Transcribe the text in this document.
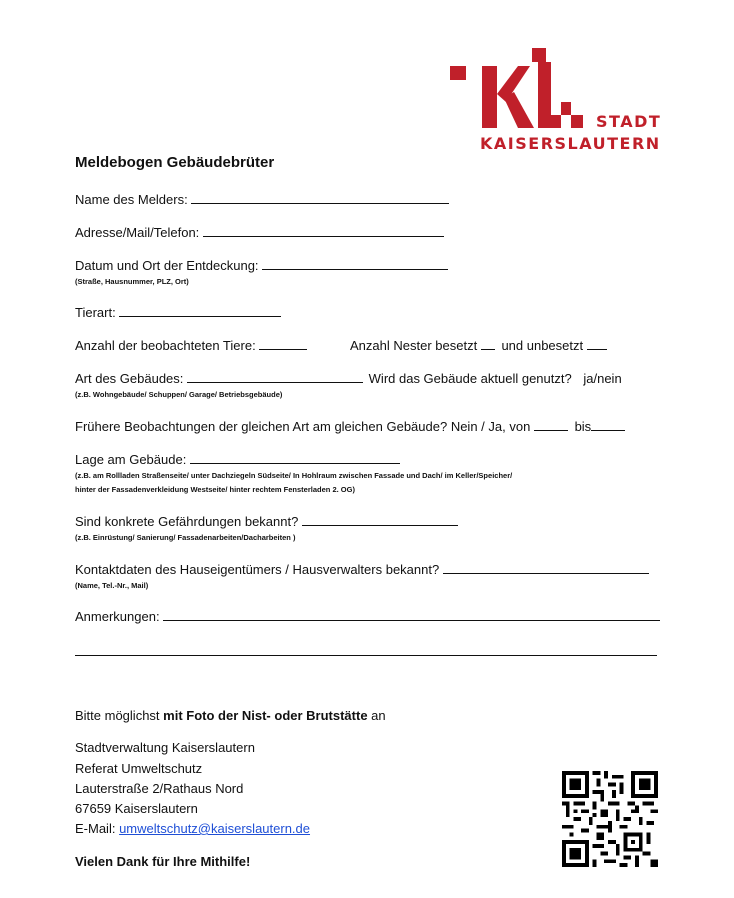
STADT
KAISERSLAUTERN
Meldebogen Gebäudebrüter
Name des Melders:
Adresse/Mail/Telefon:
Datum und Ort der Entdeckung:
(Straße, Hausnummer, PLZ, Ort)
Tierart:
Anzahl der beobachteten Tiere:	Anzahl Nester besetzt und unbesetzt
Art des Gebäudes:	Wird das Gebäude aktuell genutzt? ja/nein
(z.B. Wohngebäude/ Schuppen/ Garage/ Betriebsgebäude)
Frühere Beobachtungen der gleichen Art am gleichen Gebäude? Nein / Ja, von	bis
Lage am Gebäude:
(z.B. am Rollladen Straßenseite/ unter Dachziegeln Südseite/ In Hohlraum zwischen Fassade und Dach/ im Keller/Speicher/
hinter der Fassadenverkleidung Westseite/ hinter rechtem Fensterladen 2. OG)
Sind konkrete Gefährdungen bekannt?
(z.B. Einrüstung/ Sanierung/ Fassadenarbeiten/Dacharbeiten )
Kontaktdaten des Hauseigentümers / Hausverwalters bekannt?
(Name, Tel.-Nr., Mail)
Anmerkungen:
Bitte möglichst mit Foto der Nist- oder Brutstätte an
Stadtverwaltung Kaiserslautern
Referat Umweltschutz
Lauterstraße 2/Rathaus Nord
67659 Kaiserslautern
E-Mail: umweltschutz@kaiserslautern.de
Vielen Dank für Ihre Mithilfe!
